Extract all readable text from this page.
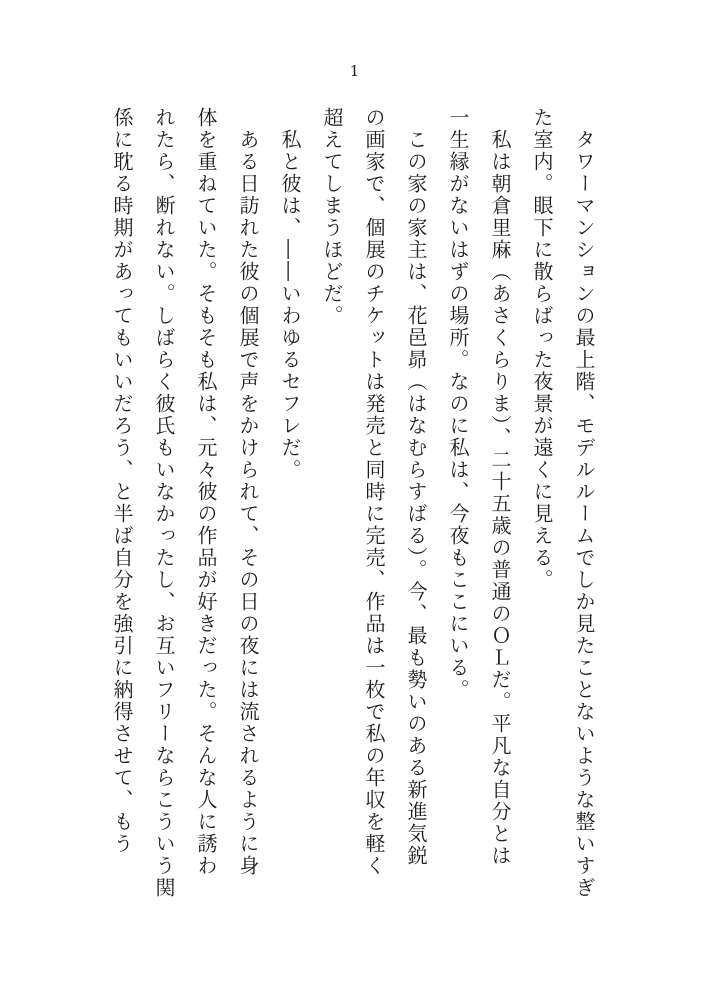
1
タワーマンションの最上階、モデルルームでしか見たことないような整いすぎ
た室内。眼下に散らばった夜景が遠くに見える。
私は朝倉里麻（あさくらりま）、二十五歳の普通のＯＬだ。平凡な自分とは
一生縁がないはずの場所。なのに私は、今夜もここにいる。
この家の家主は、花邑昴（はなむらすばる）。今、最も勢いのある新進気鋭
の画家で、個展のチケットは発売と同時に完売、作品は一枚で私の年収を軽く
超えてしまうほどだ。
私と彼は、――いわゆるセフレだ。
ある日訪れた彼の個展で声をかけられて、その日の夜には流されるように身
体を重ねていた。そもそも私は、元々彼の作品が好きだった。そんな人に誘わ
れたら、断れない。しばらく彼氏もいなかったし、お互いフリーならこういう関
係に耽る時期があってもいいだろう、と半ば自分を強引に納得させて、もう
